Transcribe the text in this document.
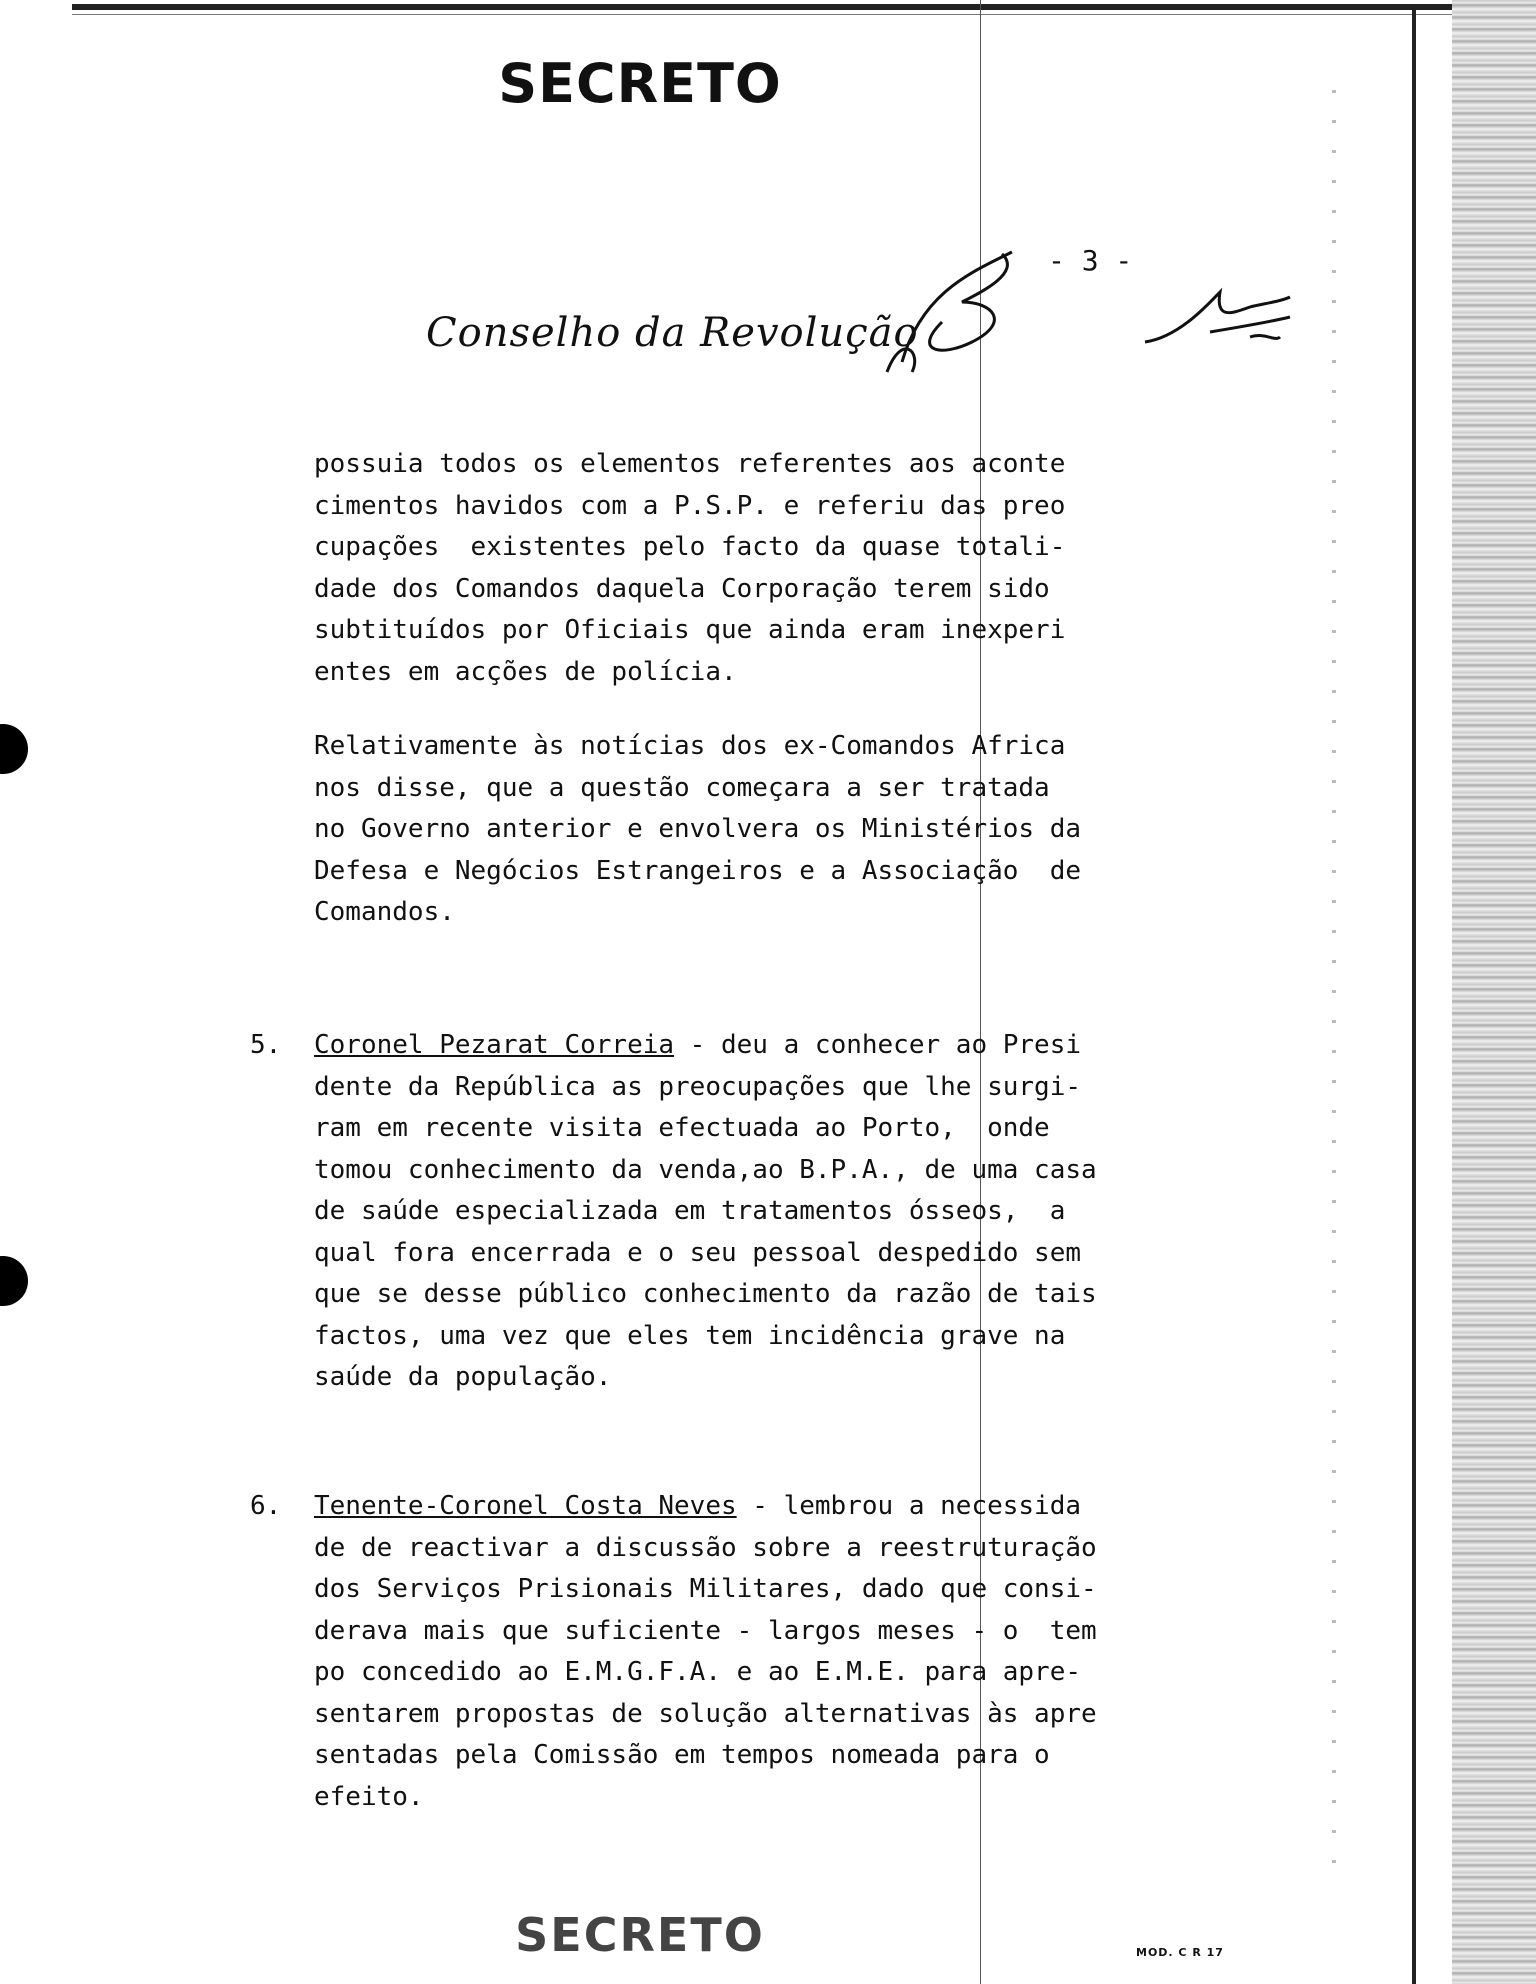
SECRETO
- 3 -
Conselho da Revolução
possuia todos os elementos referentes aos aconte
cimentos havidos com a P.S.P. e referiu das preo
cupações  existentes pelo facto da quase totali-
dade dos Comandos daquela Corporação terem sido
subtituídos por Oficiais que ainda eram inexperi
entes em acções de polícia.
Relativamente às notícias dos ex-Comandos Africa
nos disse, que a questão começara a ser tratada
no Governo anterior e envolvera os Ministérios da
Defesa e Negócios Estrangeiros e a Associação  de
Comandos.
5. Coronel Pezarat Correia - deu a conhecer ao Presi
dente da República as preocupações que lhe surgi-
ram em recente visita efectuada ao Porto,  onde
tomou conhecimento da venda,ao B.P.A., de uma casa
de saúde especializada em tratamentos ósseos,  a
qual fora encerrada e o seu pessoal despedido sem
que se desse público conhecimento da razão de tais
factos, uma vez que eles tem incidência grave na
saúde da população.
6. Tenente-Coronel Costa Neves - lembrou a necessida
de de reactivar a discussão sobre a reestruturação
dos Serviços Prisionais Militares, dado que consi-
derava mais que suficiente - largos meses - o  tem
po concedido ao E.M.G.F.A. e ao E.M.E. para apre-
sentarem propostas de solução alternativas às apre
sentadas pela Comissão em tempos nomeada para o
efeito.
SECRETO	MOD. C R 17
